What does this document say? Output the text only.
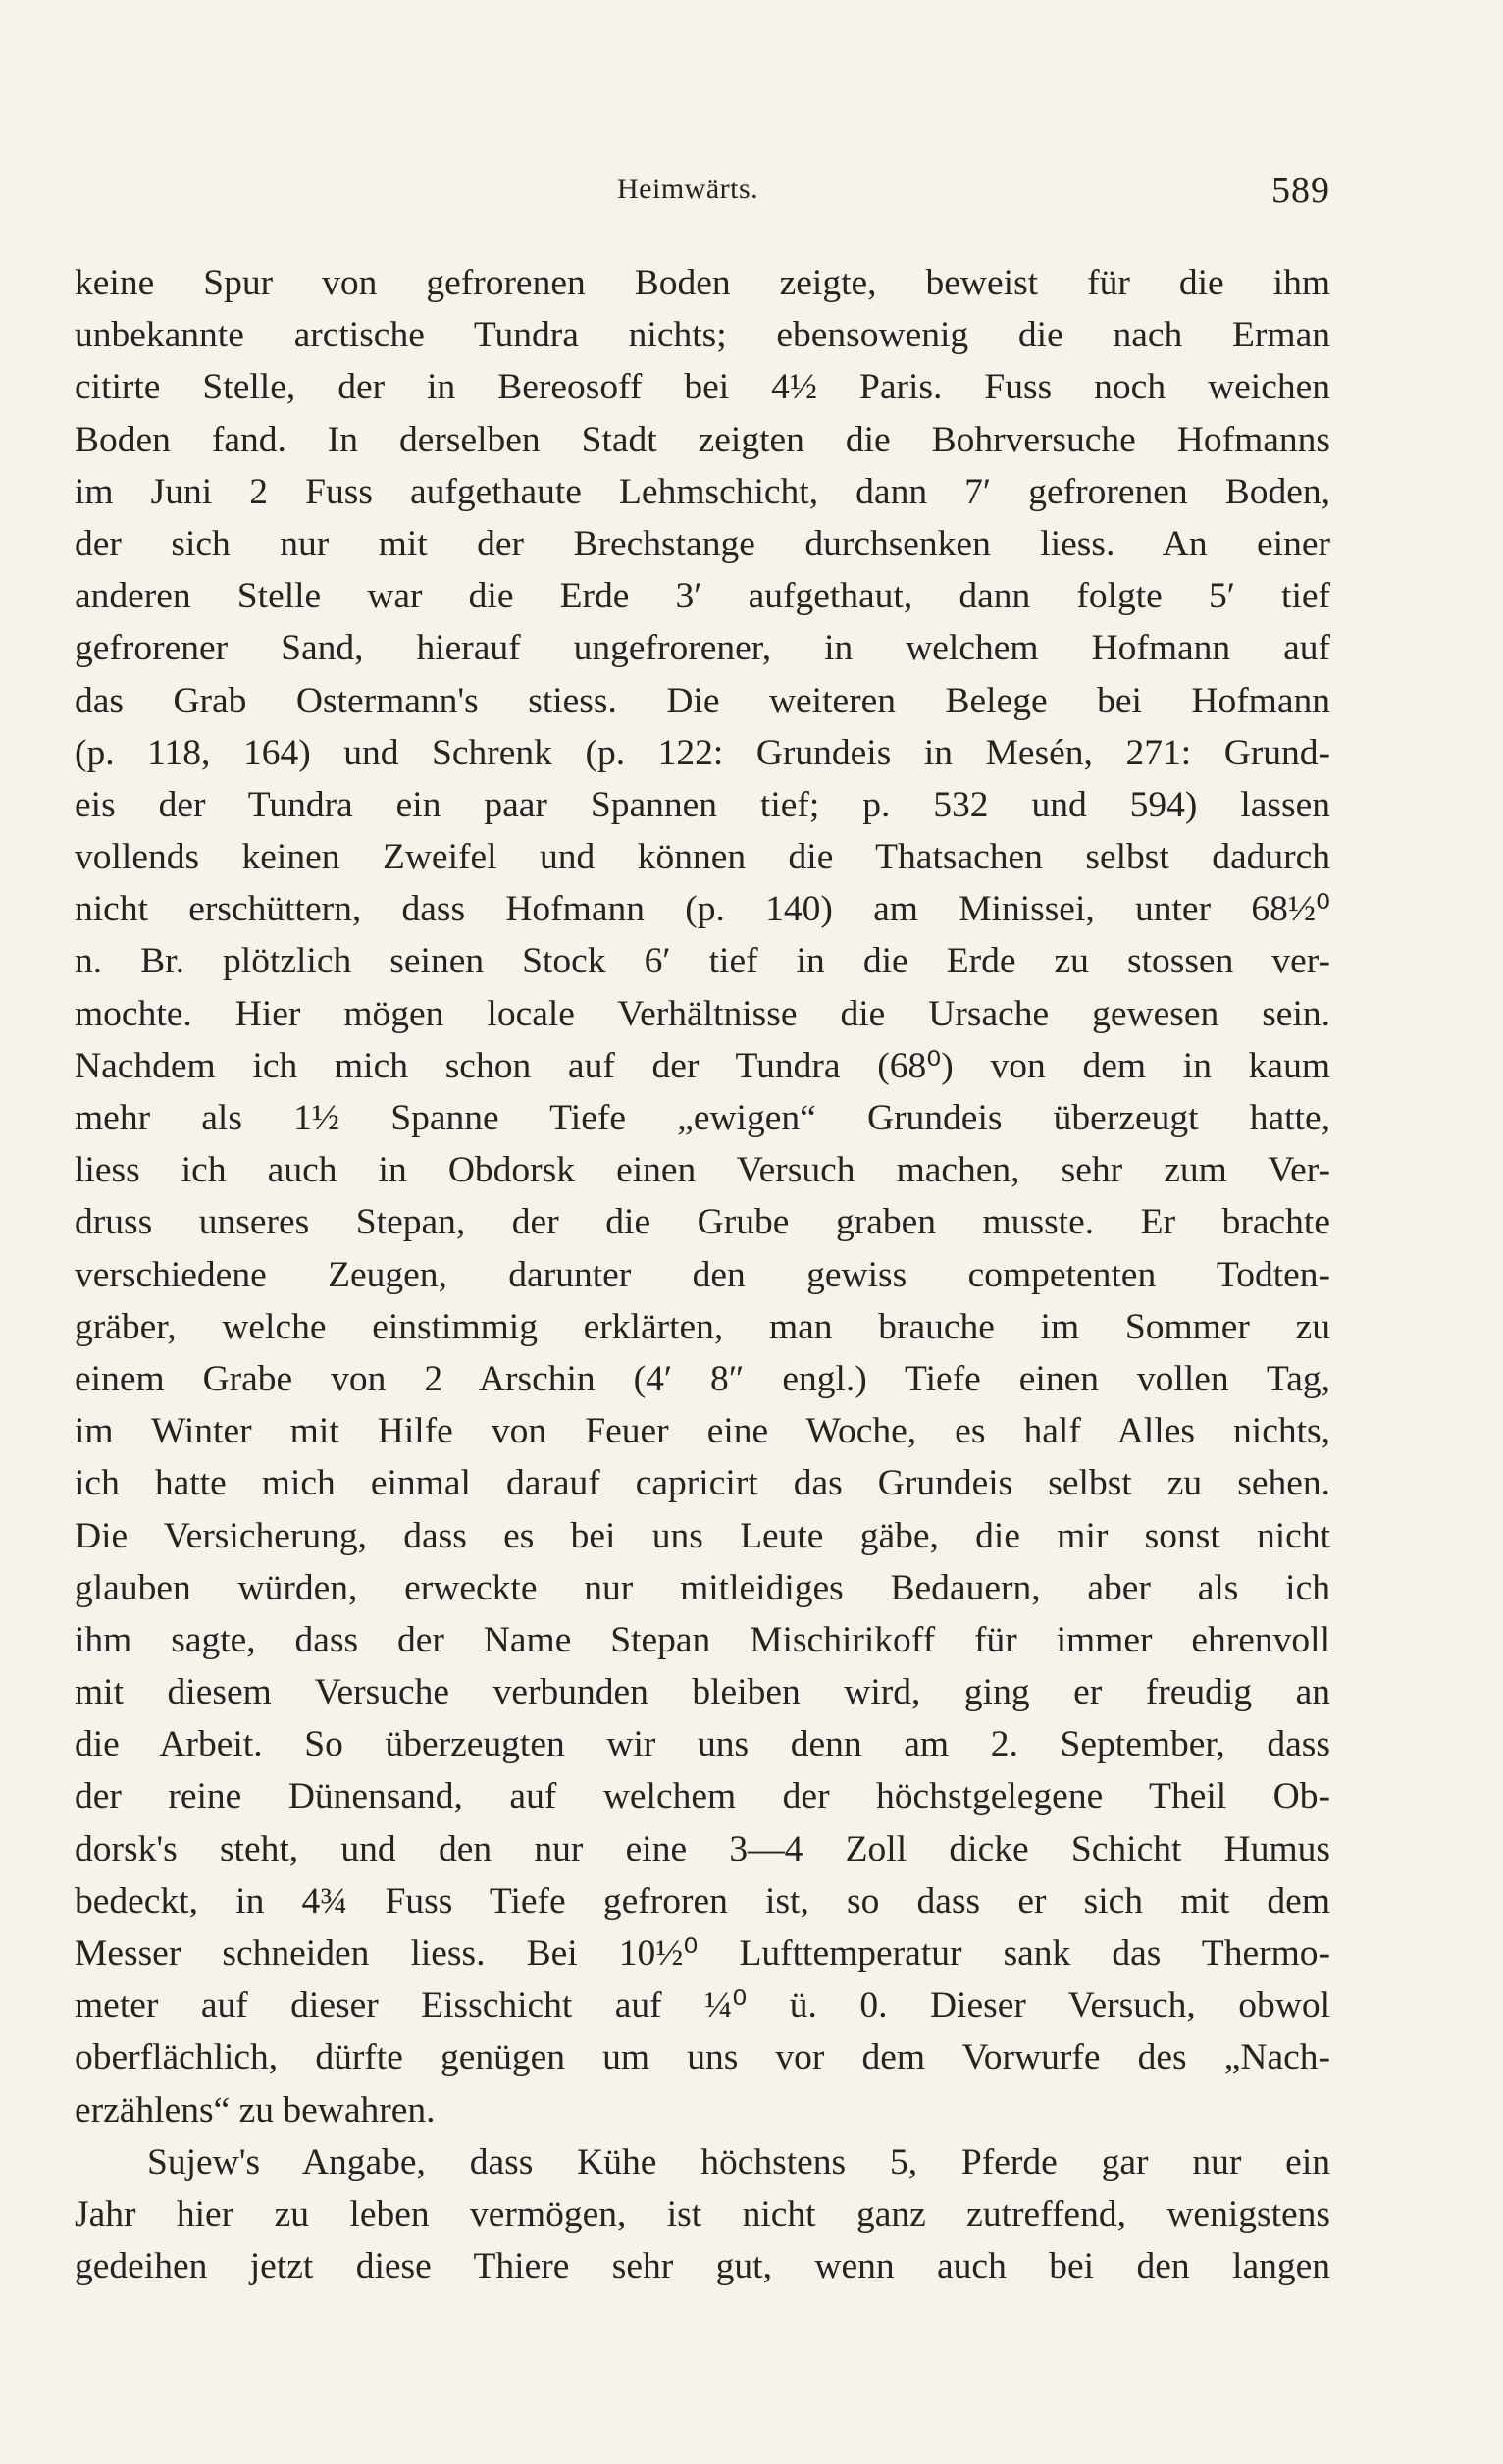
Heimwärts.	589
keine Spur von gefrorenen Boden zeigte, beweist für die ihm
unbekannte arctische Tundra nichts; ebensowenig die nach Erman
citirte Stelle, der in Bereosoff bei 4½ Paris. Fuss noch weichen
Boden fand. In derselben Stadt zeigten die Bohrversuche Hofmanns
im Juni 2 Fuss aufgethaute Lehmschicht, dann 7′ gefrorenen Boden,
der sich nur mit der Brechstange durchsenken liess. An einer
anderen Stelle war die Erde 3′ aufgethaut, dann folgte 5′ tief
gefrorener Sand, hierauf ungefrorener, in welchem Hofmann auf
das Grab Ostermann's stiess. Die weiteren Belege bei Hofmann
(p. 118, 164) und Schrenk (p. 122: Grundeis in Mesén, 271: Grund-
eis der Tundra ein paar Spannen tief; p. 532 und 594) lassen
vollends keinen Zweifel und können die Thatsachen selbst dadurch
nicht erschüttern, dass Hofmann (p. 140) am Minissei, unter 68½⁰
n. Br. plötzlich seinen Stock 6′ tief in die Erde zu stossen ver-
mochte. Hier mögen locale Verhältnisse die Ursache gewesen sein.
Nachdem ich mich schon auf der Tundra (68⁰) von dem in kaum
mehr als 1½ Spanne Tiefe „ewigen“ Grundeis überzeugt hatte,
liess ich auch in Obdorsk einen Versuch machen, sehr zum Ver-
druss unseres Stepan, der die Grube graben musste. Er brachte
verschiedene Zeugen, darunter den gewiss competenten Todten-
gräber, welche einstimmig erklärten, man brauche im Sommer zu
einem Grabe von 2 Arschin (4′ 8″ engl.) Tiefe einen vollen Tag,
im Winter mit Hilfe von Feuer eine Woche, es half Alles nichts,
ich hatte mich einmal darauf capricirt das Grundeis selbst zu sehen.
Die Versicherung, dass es bei uns Leute gäbe, die mir sonst nicht
glauben würden, erweckte nur mitleidiges Bedauern, aber als ich
ihm sagte, dass der Name Stepan Mischirikoff für immer ehrenvoll
mit diesem Versuche verbunden bleiben wird, ging er freudig an
die Arbeit. So überzeugten wir uns denn am 2. September, dass
der reine Dünensand, auf welchem der höchstgelegene Theil Ob-
dorsk's steht, und den nur eine 3—4 Zoll dicke Schicht Humus
bedeckt, in 4¾ Fuss Tiefe gefroren ist, so dass er sich mit dem
Messer schneiden liess. Bei 10½⁰ Lufttemperatur sank das Thermo-
meter auf dieser Eisschicht auf ¼⁰ ü. 0. Dieser Versuch, obwol
oberflächlich, dürfte genügen um uns vor dem Vorwurfe des „Nach-
erzählens“ zu bewahren.
Sujew's Angabe, dass Kühe höchstens 5, Pferde gar nur ein
Jahr hier zu leben vermögen, ist nicht ganz zutreffend, wenigstens
gedeihen jetzt diese Thiere sehr gut, wenn auch bei den langen
